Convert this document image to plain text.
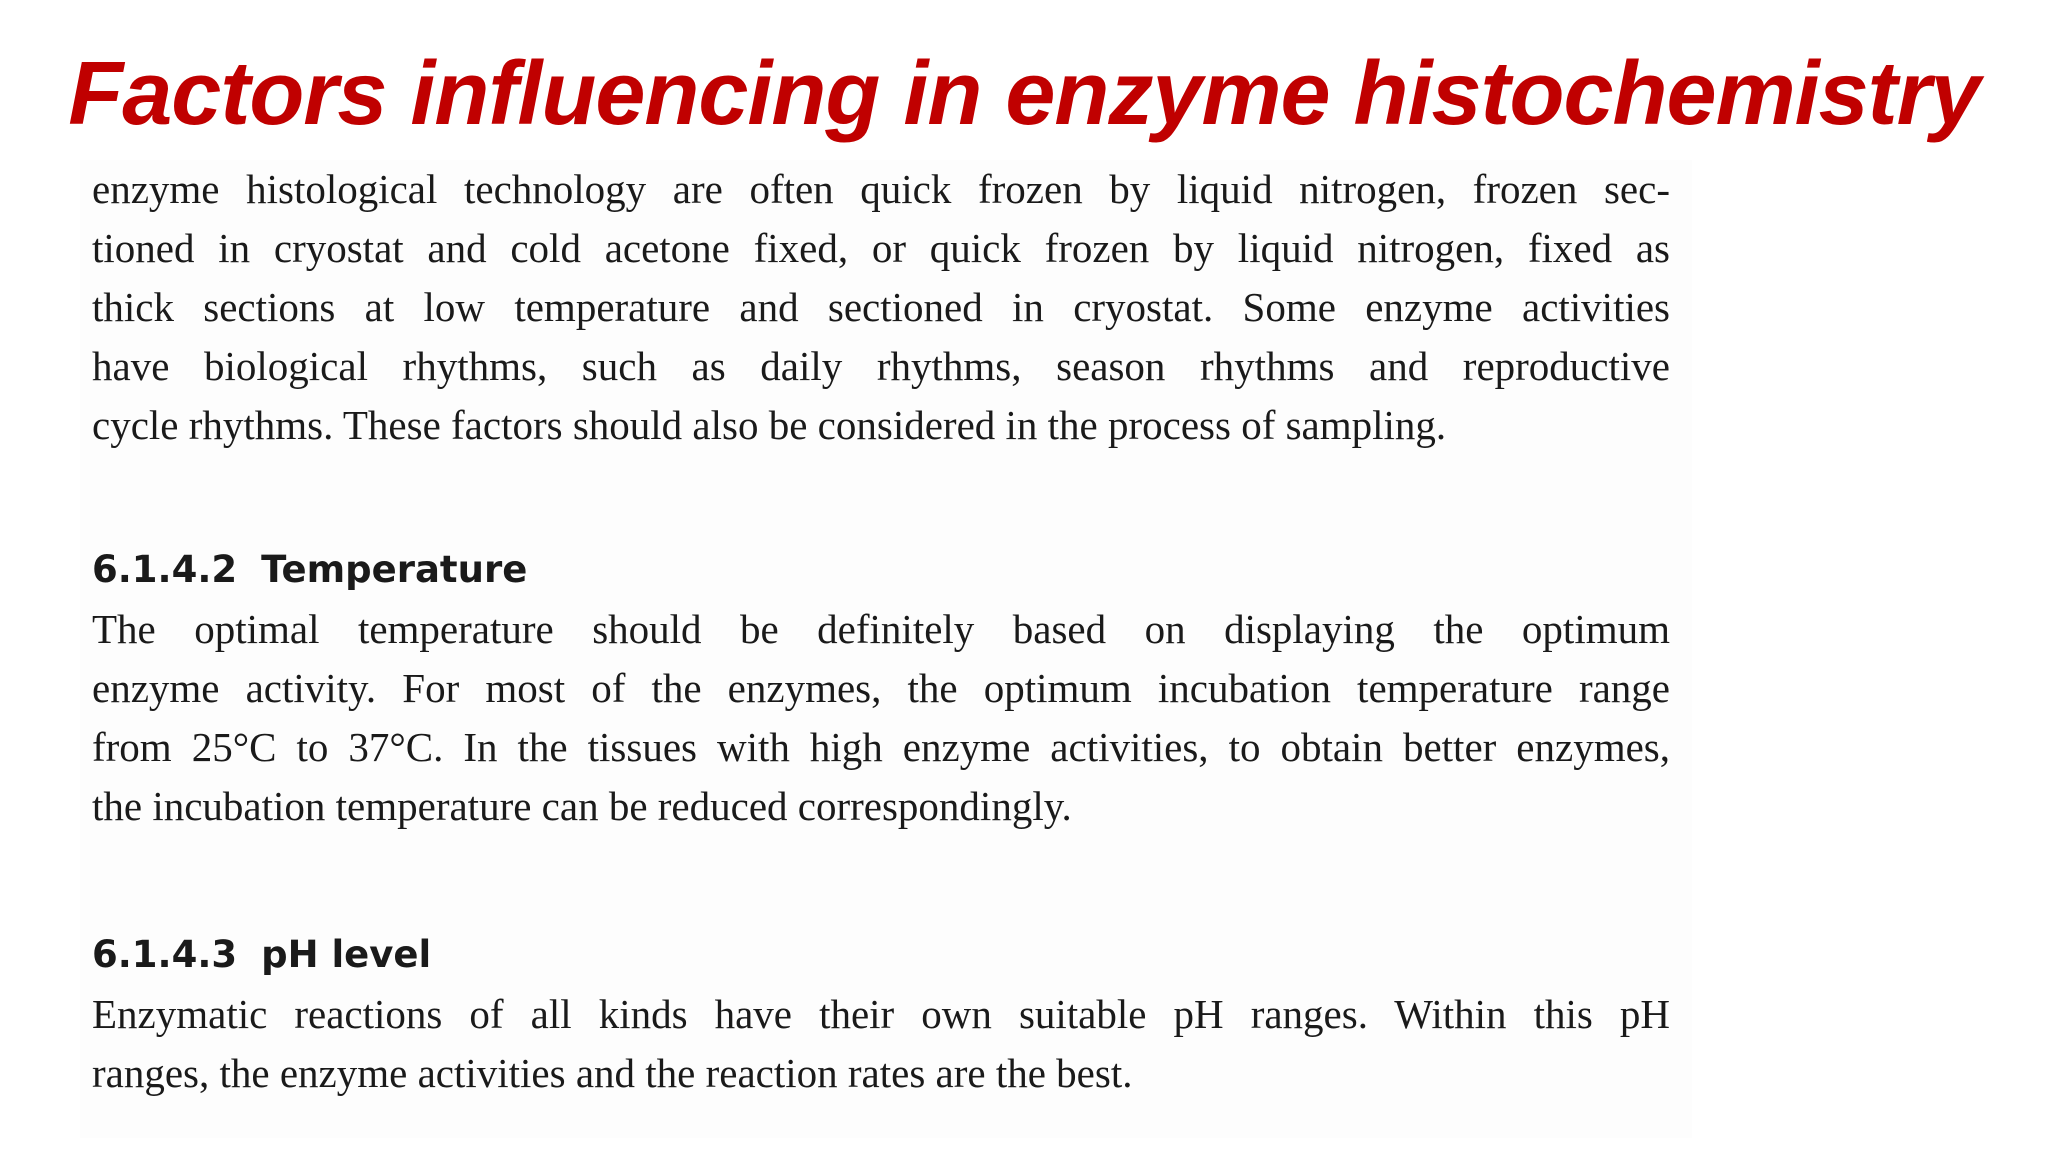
Factors influencing in enzyme histochemistry

enzyme histological technology are often quick frozen by liquid nitrogen, frozen sec-
tioned in cryostat and cold acetone fixed, or quick frozen by liquid nitrogen, fixed as
thick sections at low temperature and sectioned in cryostat. Some enzyme activities
have biological rhythms, such as daily rhythms, season rhythms and reproductive
cycle rhythms. These factors should also be considered in the process of sampling.

6.1.4.2 Temperature

The optimal temperature should be definitely based on displaying the optimum
enzyme activity. For most of the enzymes, the optimum incubation temperature range
from 25°C to 37°C. In the tissues with high enzyme activities, to obtain better enzymes,
the incubation temperature can be reduced correspondingly.

6.1.4.3 pH level

Enzymatic reactions of all kinds have their own suitable pH ranges. Within this pH
ranges, the enzyme activities and the reaction rates are the best.
